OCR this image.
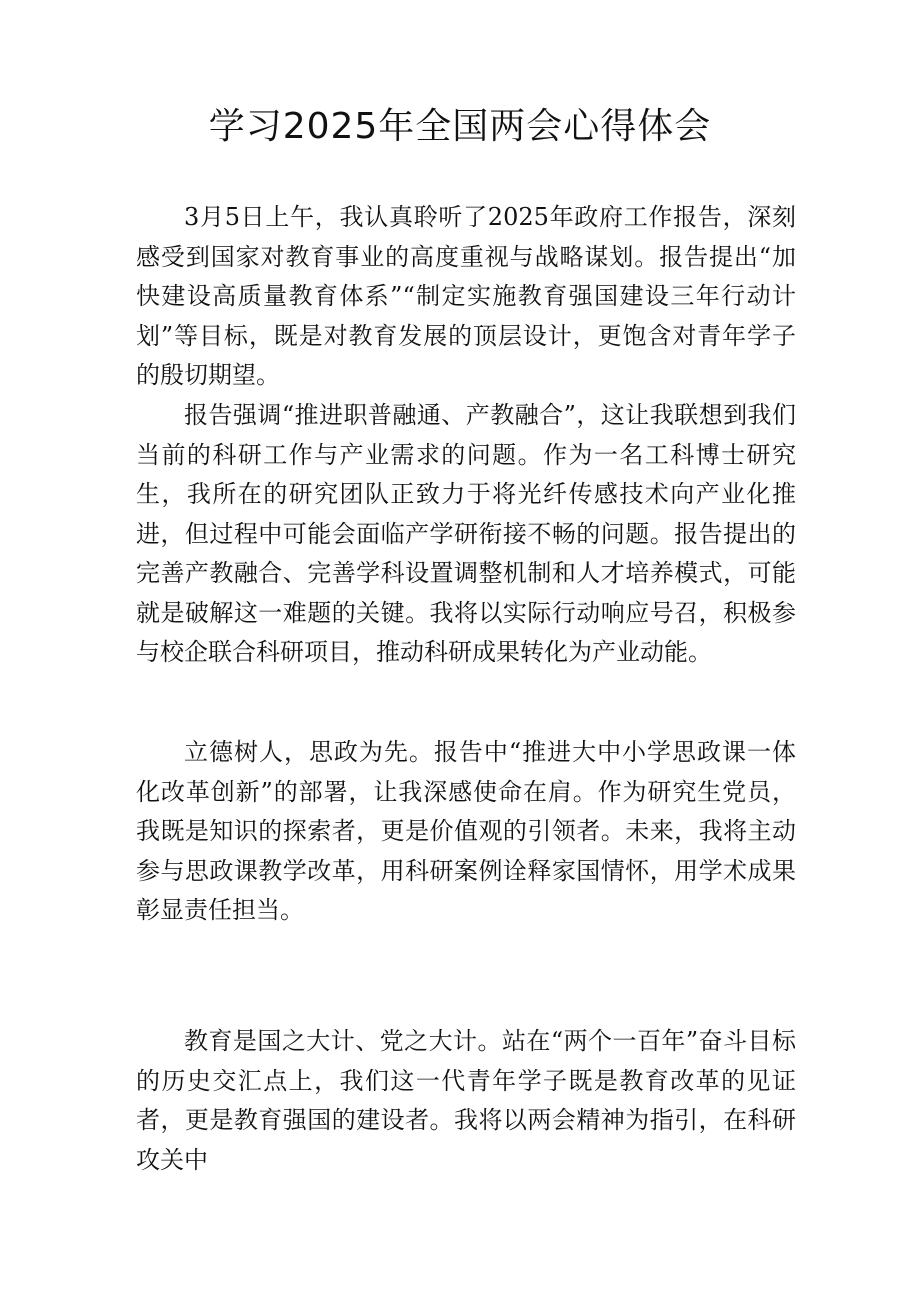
学习2025年全国两会心得体会

3月5日上午，我认真聆听了2025年政府工作报告，深刻感受到国家对教育事业的高度重视与战略谋划。报告提出“加快建设高质量教育体系”“制定实施教育强国建设三年行动计划”等目标，既是对教育发展的顶层设计，更饱含对青年学子的殷切期望。

报告强调“推进职普融通、产教融合”，这让我联想到我们当前的科研工作与产业需求的问题。作为一名工科博士研究生，我所在的研究团队正致力于将光纤传感技术向产业化推进，但过程中可能会面临产学研衔接不畅的问题。报告提出的完善产教融合、完善学科设置调整机制和人才培养模式，可能就是破解这一难题的关键。我将以实际行动响应号召，积极参与校企联合科研项目，推动科研成果转化为产业动能。

立德树人，思政为先。报告中“推进大中小学思政课一体化改革创新”的部署，让我深感使命在肩。作为研究生党员，我既是知识的探索者，更是价值观的引领者。未来，我将主动参与思政课教学改革，用科研案例诠释家国情怀，用学术成果彰显责任担当。

教育是国之大计、党之大计。站在“两个一百年”奋斗目标的历史交汇点上，我们这一代青年学子既是教育改革的见证者，更是教育强国的建设者。我将以两会精神为指引，在科研攻关中
